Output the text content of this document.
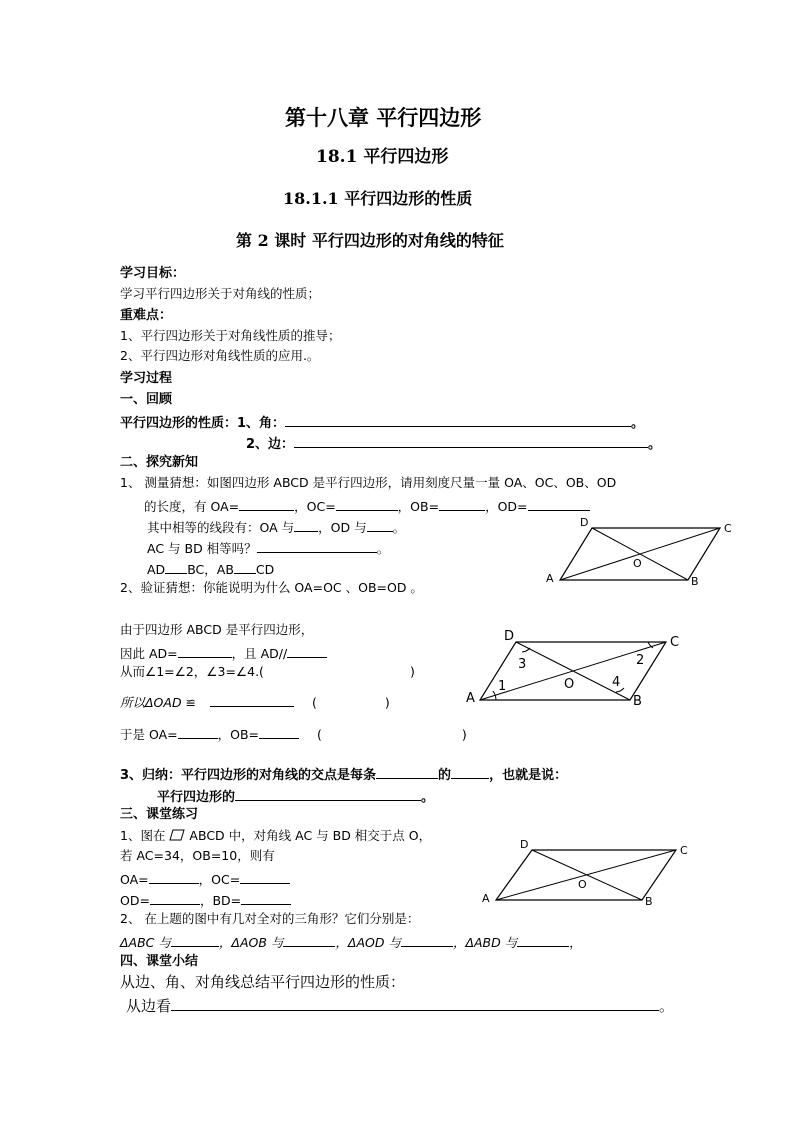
第十八章 平行四边形
18.1 平行四边形
18.1.1 平行四边形的性质
第 2 课时 平行四边形的对角线的特征
学习目标：
学习平行四边形关于对角线的性质；
重难点：
1、平行四边形关于对角线性质的推导；
2、平行四边形对角线性质的应用.。
学习过程
一、回顾
平行四边形的性质：1、角：	。
2、边：	。
二、探究新知
1、 测量猜想：如图四边形 ABCD 是平行四边形，请用刻度尺量一量 OA、OC、OB、OD
的长度，有 OA=	，OC=	，OB=	，OD=
其中相等的线段有：OA 与 ，OD 与 。
AC 与 BD 相等吗？	。
AD BC，AB CD
2、验证猜想：你能说明为什么 OA=OC 、OB=OD 。
A	B
C
D
O
由于四边形 ABCD 是平行四边形，
因此 AD=	，且 AD//
从而∠1=∠2，∠3=∠4.(	)
所以ΔOAD ≌	(	)
于是 OA=	，OB=	(	)
A	B
C
D
O
1
2
3
4
3、归纳：平行四边形的对角线的交点是每条	的	，也就是说：
平行四边形的	。
三、课堂练习
1、图在 ABCD 中，对角线 AC 与 BD 相交于点 O，
若 AC=34，OB=10，则有
OA=	，OC=
OD=	，BD=
2、 在上题的图中有几对全对的三角形？它们分别是：
ΔABC 与	，ΔAOB 与	，ΔAOD 与	，ΔABD 与	，
A	B
C
D
O
四、课堂小结
从边、角、对角线总结平行四边形的性质：
从边看	。
